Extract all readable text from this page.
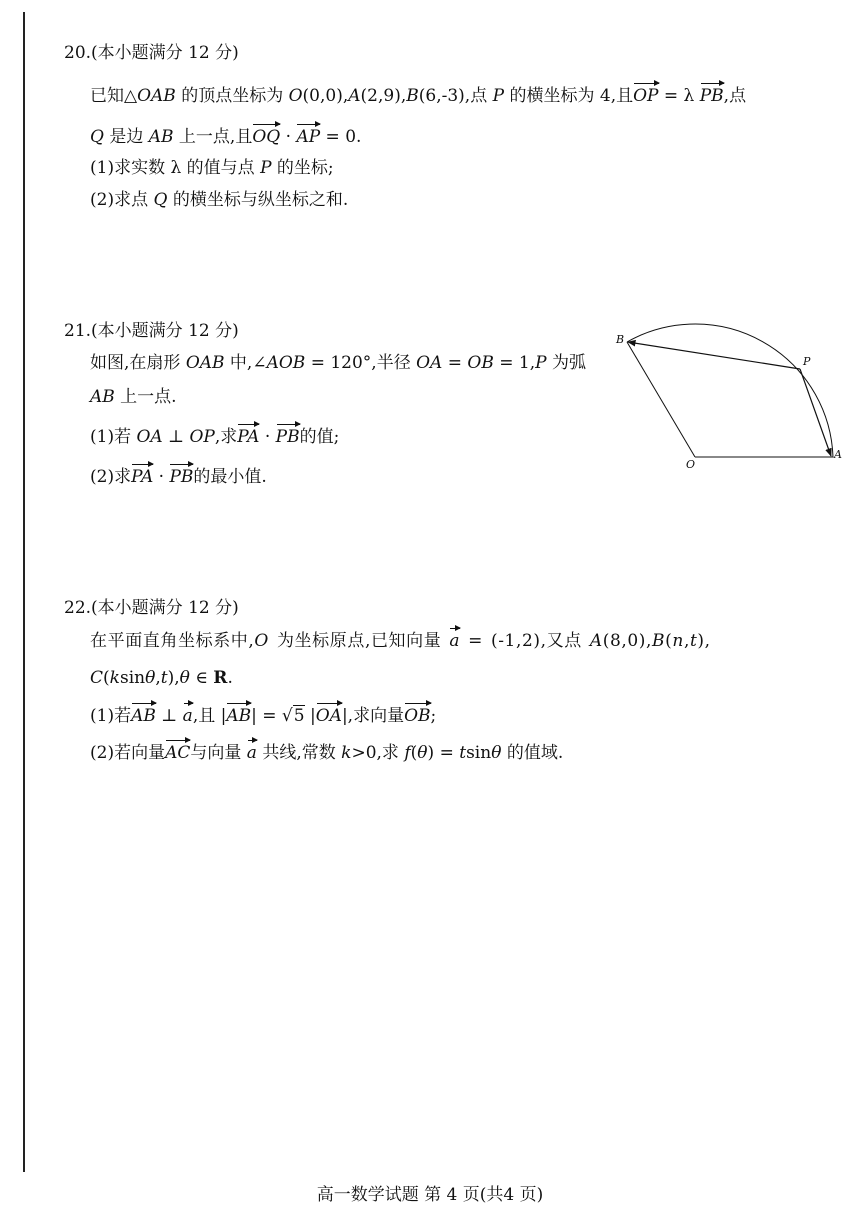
20.(本小题满分 12 分)
已知△OAB 的顶点坐标为 O(0,0),A(2,9),B(6,-3),点 P 的横坐标为 4,且OP = λ PB,点
Q 是边 AB 上一点,且OQ · AP = 0.
(1)求实数 λ 的值与点 P 的坐标;
(2)求点 Q 的横坐标与纵坐标之和.
21.(本小题满分 12 分)
如图,在扇形 OAB 中,∠AOB = 120°,半径 OA = OB = 1,P 为弧
AB 上一点.
(1)若 OA ⊥ OP,求PA · PB的值;
(2)求PA · PB的最小值.
B
P
O
A
22.(本小题满分 12 分)
在平面直角坐标系中,O 为坐标原点,已知向量 a = (-1,2),又点 A(8,0),B(n,t),
C(ksinθ,t),θ ∈ R.
(1)若AB ⊥ a,且 |AB| = √5 |OA|,求向量OB;
(2)若向量AC与向量 a 共线,常数 k>0,求 f(θ) = tsinθ 的值域.
高一数学试题 第 4 页(共4 页)
